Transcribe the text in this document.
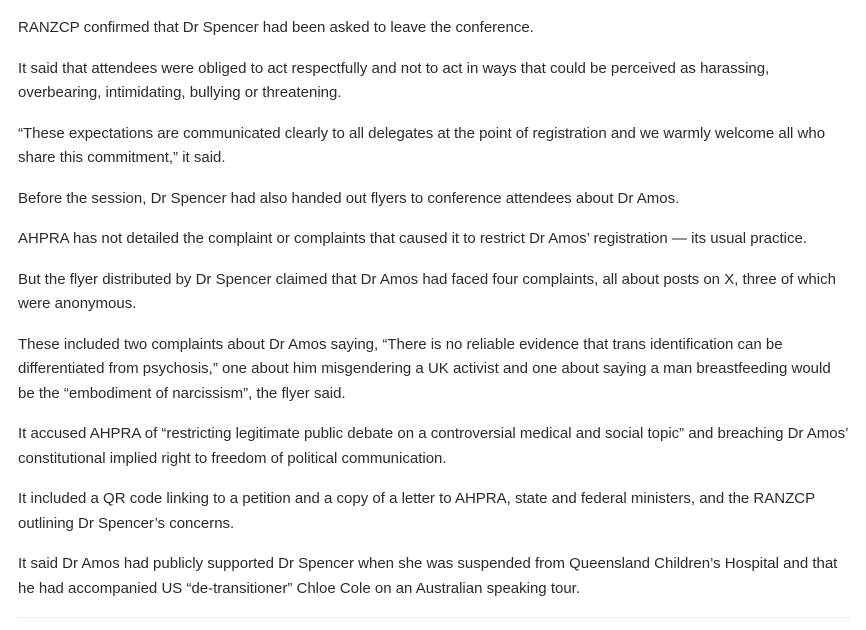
RANZCP confirmed that Dr Spencer had been asked to leave the conference.

It said that attendees were obliged to act respectfully and not to act in ways that could be perceived as harassing, overbearing, intimidating, bullying or threatening.

“These expectations are communicated clearly to all delegates at the point of registration and we warmly welcome all who share this commitment,” it said.

Before the session, Dr Spencer had also handed out flyers to conference attendees about Dr Amos.

AHPRA has not detailed the complaint or complaints that caused it to restrict Dr Amos’ registration — its usual practice.

But the flyer distributed by Dr Spencer claimed that Dr Amos had faced four complaints, all about posts on X, three of which were anonymous.

These included two complaints about Dr Amos saying, “There is no reliable evidence that trans identification can be differentiated from psychosis,” one about him misgendering a UK activist and one about saying a man breastfeeding would be the “embodiment of narcissism”, the flyer said.

It accused AHPRA of “restricting legitimate public debate on a controversial medical and social topic” and breaching Dr Amos’ constitutional implied right to freedom of political communication.

It included a QR code linking to a petition and a copy of a letter to AHPRA, state and federal ministers, and the RANZCP outlining Dr Spencer’s concerns.

It said Dr Amos had publicly supported Dr Spencer when she was suspended from Queensland Children’s Hospital and that he had accompanied US “de-transitioner” Chloe Cole on an Australian speaking tour.
